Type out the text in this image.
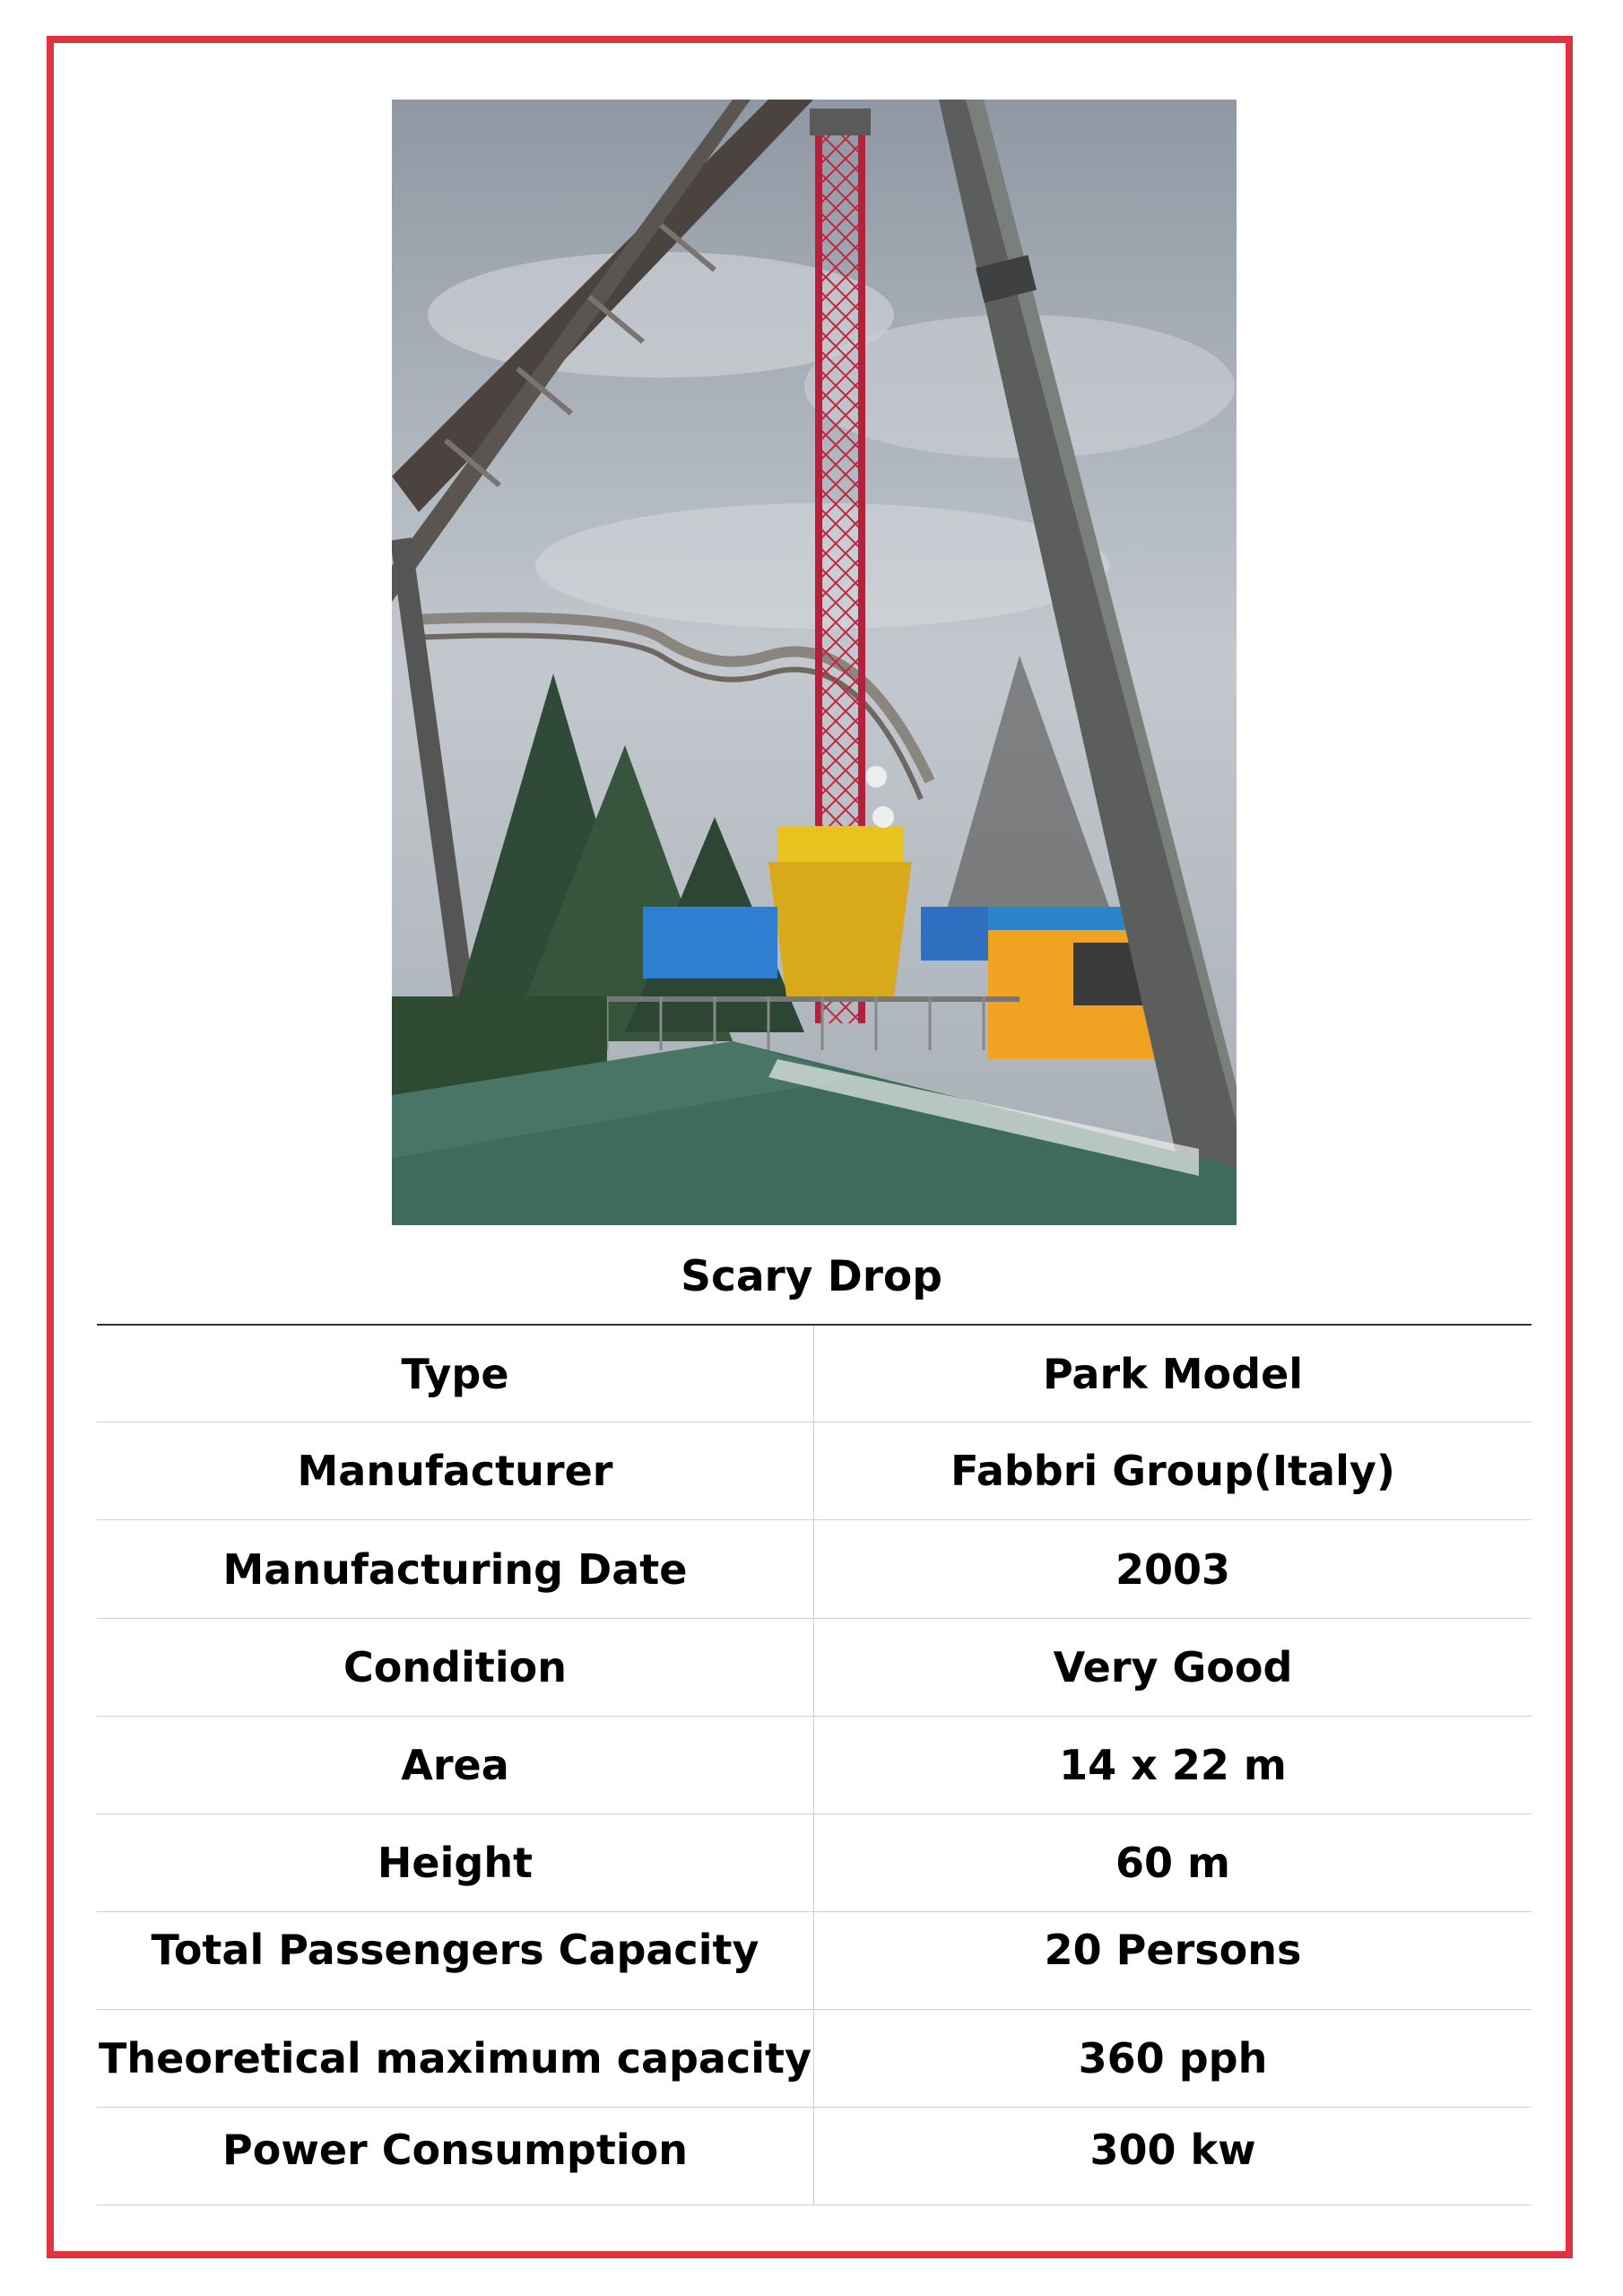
Scary Drop
Type	Park Model
Manufacturer	Fabbri Group(Italy)
Manufacturing Date	2003
Condition	Very Good
Area	14 x 22 m
Height	60 m
Total Passengers Capacity	20 Persons
Theoretical maximum capacity	360 pph
Power Consumption	300 kw
